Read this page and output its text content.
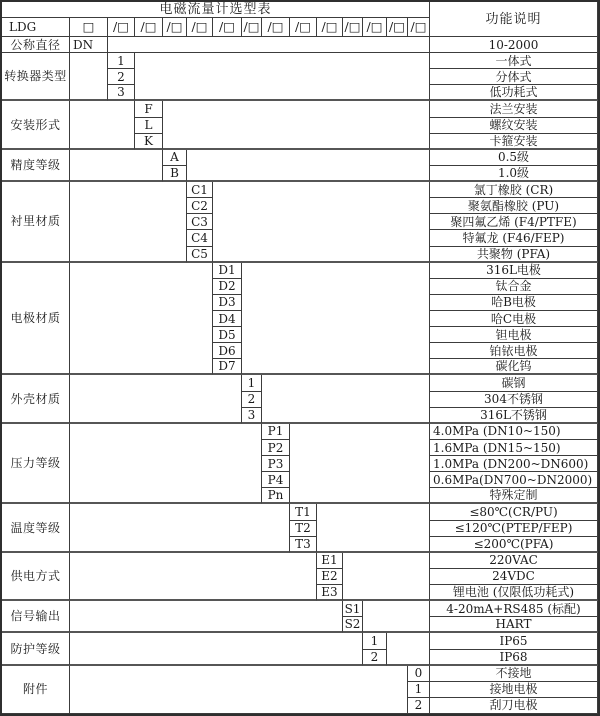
电磁流量计选型表
功能说明
LDG	□	/□ /□ /□ /□ /□ /□ /□ /□ /□ /□ /□ /□ /□
公称直径	DN	10-2000
转换器类型
1	一体式
2	分体式
3	低功耗式
安装形式
F	法兰安装
L	螺纹安装
K	卡箍安装
精度等级
A	0.5级
B	1.0级
衬里材质
C1	氯丁橡胶 (CR)
C2	聚氨酯橡胶 (PU)
C3	聚四氟乙烯 (F4/PTFE)
C4	特氟龙 (F46/FEP)
C5	共聚物 (PFA)
电极材质
D1	316L电极
D2	钛合金
D3	哈B电极
D4	哈C电极
D5	钽电极
D6	铂铱电极
D7	碳化钨
外壳材质
1	碳钢
2	304不锈钢
3	316L不锈钢
压力等级
P1	4.0MPa (DN10~150)
P2	1.6MPa (DN15~150)
P3	1.0MPa (DN200~DN600)
P4	0.6MPa(DN700~DN2000)
Pn	特殊定制
温度等级
T1	≤80℃(CR/PU)
T2	≤120℃(PTEP/FEP)
T3	≤200℃(PFA)
供电方式
E1	220VAC
E2	24VDC
E3	锂电池 (仅限低功耗式)
信号输出
S1	4-20mA+RS485 (标配)
S2	HART
防护等级
1	IP65
2	IP68
附件
0	不接地
1	接地电极
2	刮刀电极
